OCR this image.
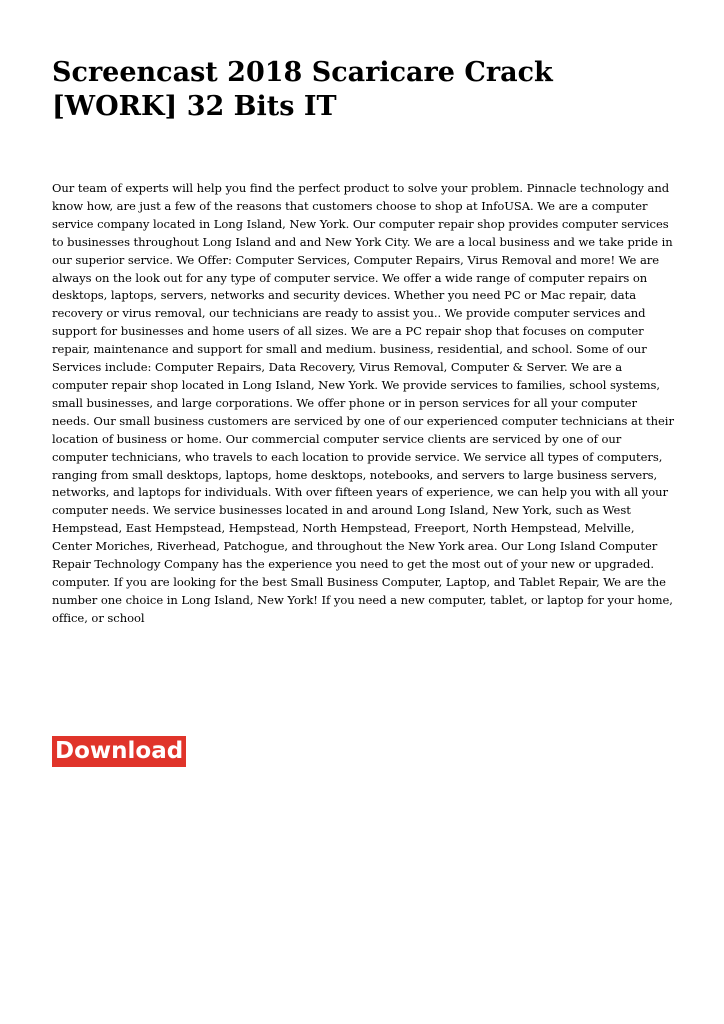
Screencast 2018 Scaricare Crack [WORK] 32 Bits IT

Our team of experts will help you find the perfect product to solve your problem. Pinnacle technology and know how, are just a few of the reasons that customers choose to shop at InfoUSA. We are a computer service company located in Long Island, New York. Our computer repair shop provides computer services to businesses throughout Long Island and and New York City. We are a local business and we take pride in our superior service. We Offer: Computer Services, Computer Repairs, Virus Removal and more! We are always on the look out for any type of computer service. We offer a wide range of computer repairs on desktops, laptops, servers, networks and security devices. Whether you need PC or Mac repair, data recovery or virus removal, our technicians are ready to assist you.. We provide computer services and support for businesses and home users of all sizes. We are a PC repair shop that focuses on computer repair, maintenance and support for small and medium. business, residential, and school. Some of our Services include: Computer Repairs, Data Recovery, Virus Removal, Computer & Server. We are a computer repair shop located in Long Island, New York. We provide services to families, school systems, small businesses, and large corporations. We offer phone or in person services for all your computer needs. Our small business customers are serviced by one of our experienced computer technicians at their location of business or home. Our commercial computer service clients are serviced by one of our computer technicians, who travels to each location to provide service. We service all types of computers, ranging from small desktops, laptops, home desktops, notebooks, and servers to large business servers, networks, and laptops for individuals. With over fifteen years of experience, we can help you with all your computer needs. We service businesses located in and around Long Island, New York, such as West Hempstead, East Hempstead, Hempstead, North Hempstead, Freeport, North Hempstead, Melville, Center Moriches, Riverhead, Patchogue, and throughout the New York area. Our Long Island Computer Repair Technology Company has the experience you need to get the most out of your new or upgraded. computer. If you are looking for the best Small Business Computer, Laptop, and Tablet Repair, We are the number one choice in Long Island, New York! If you need a new computer, tablet, or laptop for your home, office, or school

Download
